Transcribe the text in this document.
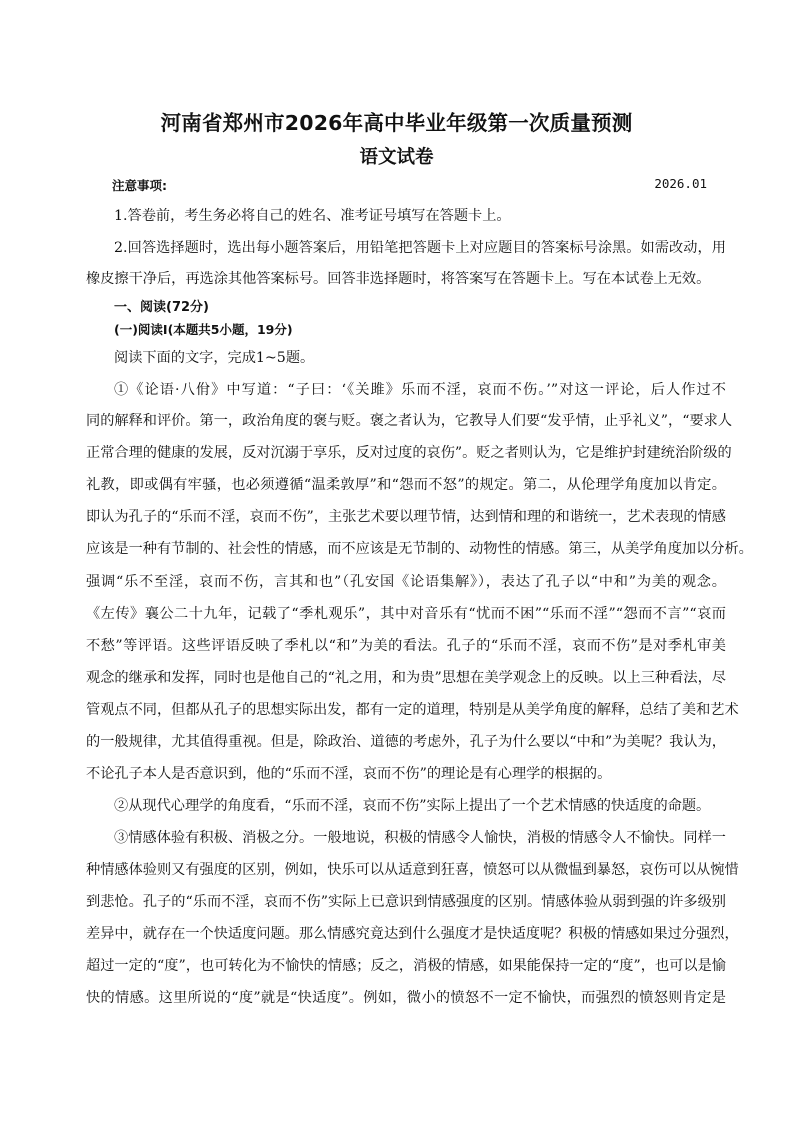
河南省郑州市2026年高中毕业年级第一次质量预测
语文试卷
注意事项:	2026.01
1.答卷前，考生务必将自己的姓名、准考证号填写在答题卡上。
2.回答选择题时，选出每小题答案后，用铅笔把答题卡上对应题目的答案标号涂黑。如需改动，用
橡皮擦干净后，再选涂其他答案标号。回答非选择题时，将答案写在答题卡上。写在本试卷上无效。
一、阅读(72分)
(一)阅读Ⅰ(本题共5小题，19分)
阅读下面的文字，完成1~5题。
①《论语·八佾》中写道：“子曰：‘《关雎》乐而不淫，哀而不伤。’”对这一评论，后人作过不
同的解释和评价。第一，政治角度的褒与贬。褒之者认为，它教导人们要“发乎情，止乎礼义”，“要求人
正常合理的健康的发展，反对沉溺于享乐，反对过度的哀伤”。贬之者则认为，它是维护封建统治阶级的
礼教，即或偶有牢骚，也必须遵循“温柔敦厚”和“怨而不怒”的规定。第二，从伦理学角度加以肯定。
即认为孔子的“乐而不淫，哀而不伤”，主张艺术要以理节情，达到情和理的和谐统一，艺术表现的情感
应该是一种有节制的、社会性的情感，而不应该是无节制的、动物性的情感。第三，从美学角度加以分析。
强调“乐不至淫，哀而不伤，言其和也”（孔安国《论语集解》），表达了孔子以“中和”为美的观念。
《左传》襄公二十九年，记载了“季札观乐”，其中对音乐有“忧而不困”“乐而不淫”“怨而不言”“哀而
不愁”等评语。这些评语反映了季札以“和”为美的看法。孔子的“乐而不淫，哀而不伤”是对季札审美
观念的继承和发挥，同时也是他自己的“礼之用，和为贵”思想在美学观念上的反映。以上三种看法，尽
管观点不同，但都从孔子的思想实际出发，都有一定的道理，特别是从美学角度的解释，总结了美和艺术
的一般规律，尤其值得重视。但是，除政治、道德的考虑外，孔子为什么要以“中和”为美呢？我认为，
不论孔子本人是否意识到，他的“乐而不淫，哀而不伤”的理论是有心理学的根据的。
②从现代心理学的角度看，“乐而不淫，哀而不伤”实际上提出了一个艺术情感的快适度的命题。
③情感体验有积极、消极之分。一般地说，积极的情感令人愉快，消极的情感令人不愉快。同样一
种情感体验则又有强度的区别，例如，快乐可以从适意到狂喜，愤怒可以从微愠到暴怒，哀伤可以从惋惜
到悲怆。孔子的“乐而不淫，哀而不伤”实际上已意识到情感强度的区别。情感体验从弱到强的许多级别
差异中，就存在一个快适度问题。那么情感究竟达到什么强度才是快适度呢？积极的情感如果过分强烈，
超过一定的“度”，也可转化为不愉快的情感；反之，消极的情感，如果能保持一定的“度”，也可以是愉
快的情感。这里所说的“度”就是“快适度”。例如，微小的愤怒不一定不愉快，而强烈的愤怒则肯定是
